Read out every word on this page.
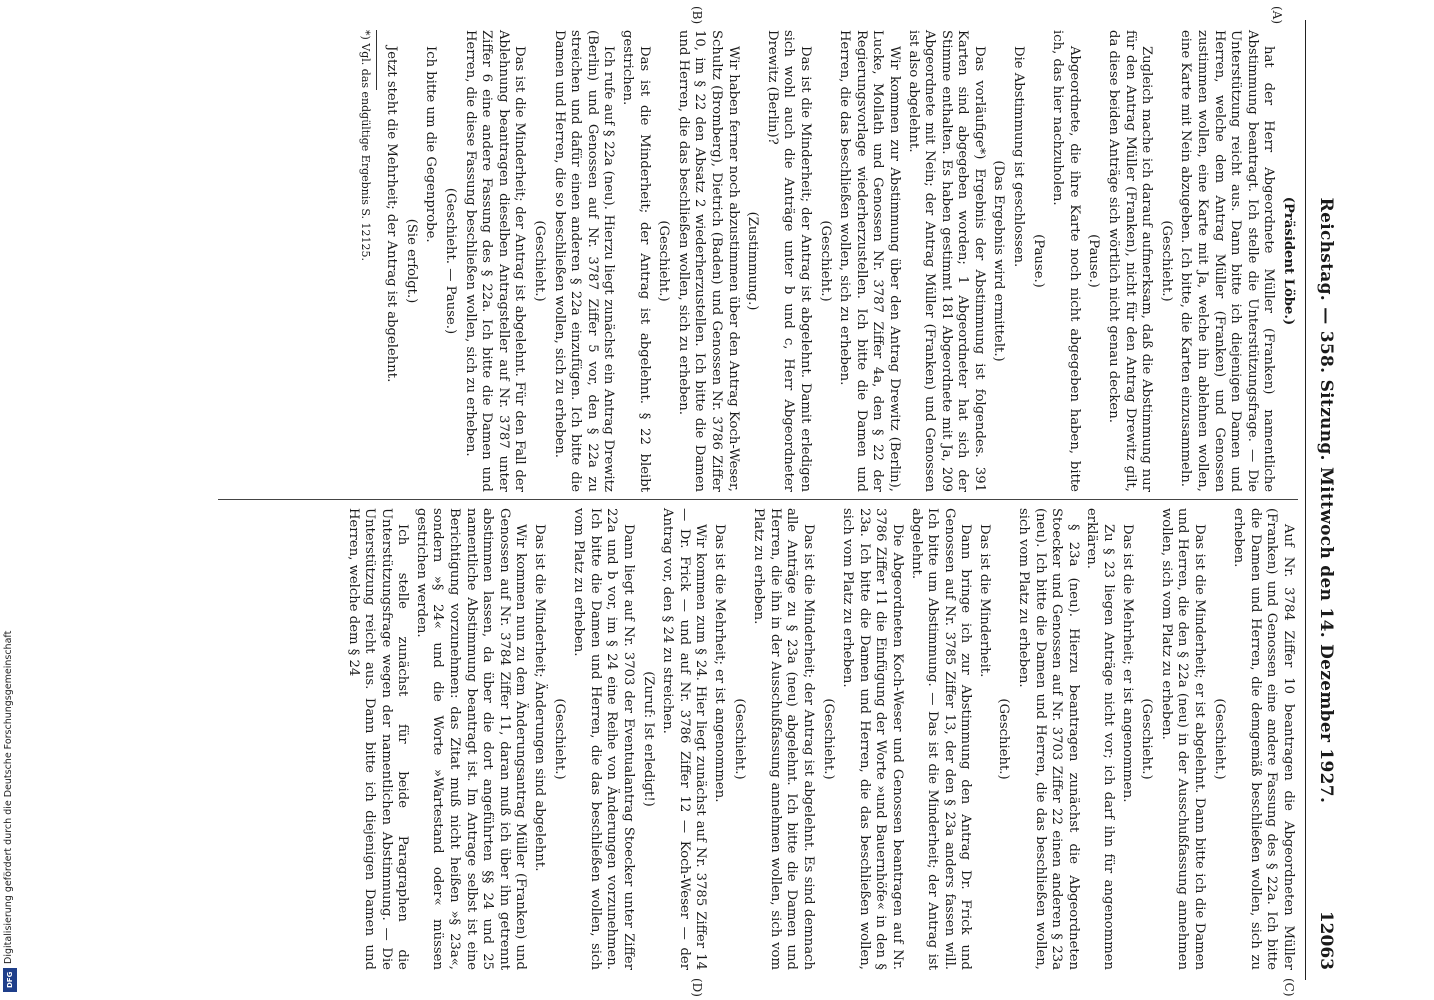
Digitalisierung gefördert durch die Deutsche Forschungsgemeinschaft
DFG
Reichstag. — 358. Sitzung. Mittwoch den 14. Dezember 1927.
12063
(A)
(B)
(C)
(D)

(Präsident Löbe.)

hat der Herr Abgeordnete Müller (Franken) namentliche Abstimmung beantragt. Ich stelle die Unterstützungsfrage. — Die Unterstützung reicht aus. Dann bitte ich diejenigen Damen und Herren, welche dem Antrag Müller (Franken) und Genossen zustimmen wollen, eine Karte mit Ja, welche ihn ablehnen wollen, eine Karte mit Nein abzugeben. Ich bitte, die Karten einzusammeln.

(Geschieht.)

Zugleich mache ich darauf aufmerksam, daß die Abstimmung nur für den Antrag Müller (Franken), nicht für den Antrag Drewitz gilt, da diese beiden Anträge sich wörtlich nicht genau decken.

(Pause.)

Abgeordnete, die ihre Karte noch nicht abgegeben haben, bitte ich, das hier nachzuholen.

(Pause.)

Die Abstimmung ist geschlossen.

(Das Ergebnis wird ermittelt.)

Das vorläufige*) Ergebnis der Abstimmung ist folgendes. 391 Karten sind abgegeben worden; 1 Abgeordneter hat sich der Stimme enthalten. Es haben gestimmt 181 Abgeordnete mit Ja, 209 Abgeordnete mit Nein; der Antrag Müller (Franken) und Genossen ist also abgelehnt.

Wir kommen zur Abstimmung über den Antrag Drewitz (Berlin), Lucke, Mollath und Genossen Nr. 3787 Ziffer 4a, den § 22 der Regierungsvorlage wiederherzustellen. Ich bitte die Damen und Herren, die das beschließen wollen, sich zu erheben.

(Geschieht.)

Das ist die Minderheit; der Antrag ist abgelehnt. Damit erledigen sich wohl auch die Anträge unter b und c, Herr Abgeordneter Drewitz (Berlin)?

(Zustimmung.)

Wir haben ferner noch abzustimmen über den Antrag Koch-Weser, Schultz (Bromberg), Dietrich (Baden) und Genossen Nr. 3786 Ziffer 10, im § 22 den Absatz 2 wiederherzustellen. Ich bitte die Damen und Herren, die das beschließen wollen, sich zu erheben.

(Geschieht.)

Das ist die Minderheit; der Antrag ist abgelehnt. § 22 bleibt gestrichen.

Ich rufe auf § 22a (neu). Hierzu liegt zunächst ein Antrag Drewitz (Berlin) und Genossen auf Nr. 3787 Ziffer 5 vor, den § 22a zu streichen und dafür einen anderen § 22a einzufügen. Ich bitte die Damen und Herren, die so beschließen wollen, sich zu erheben.

(Geschieht.)

Das ist die Minderheit; der Antrag ist abgelehnt. Für den Fall der Ablehnung beantragen dieselben Antragsteller auf Nr. 3787 unter Ziffer 6 eine andere Fassung des § 22a. Ich bitte die Damen und Herren, die diese Fassung beschließen wollen, sich zu erheben.

(Geschieht. — Pause.)

Ich bitte um die Gegenprobe.

(Sie erfolgt.)

Jetzt steht die Mehrheit; der Antrag ist abgelehnt.

*) Vgl. das endgültige Ergebnis S. 12125.

Auf Nr. 3784 Ziffer 10 beantragen die Abgeordneten Müller (Franken) und Genossen eine andere Fassung des § 22a. Ich bitte die Damen und Herren, die demgemäß beschließen wollen, sich zu erheben.

(Geschieht.)

Das ist die Minderheit; er ist abgelehnt. Dann bitte ich die Damen und Herren, die den § 22a (neu) in der Ausschußfassung annehmen wollen, sich vom Platz zu erheben.

(Geschieht.)

Das ist die Mehrheit; er ist angenommen.

Zu § 23 liegen Anträge nicht vor; ich darf ihn für angenommen erklären.

§ 23a (neu). Hierzu beantragen zunächst die Abgeordneten Stoecker und Genossen auf Nr. 3703 Ziffer 22 einen anderen § 23a (neu). Ich bitte die Damen und Herren, die das beschließen wollen, sich vom Platz zu erheben.

(Geschieht.)

Das ist die Minderheit.

Dann bringe ich zur Abstimmung den Antrag Dr. Frick und Genossen auf Nr. 3785 Ziffer 13, der den § 23a anders fassen will. Ich bitte um Abstimmung. — Das ist die Minderheit; der Antrag ist abgelehnt.

Die Abgeordneten Koch-Weser und Genossen beantragen auf Nr. 3786 Ziffer 11 die Einfügung der Worte »und Bauernhöfe« in den § 23a. Ich bitte die Damen und Herren, die das beschließen wollen, sich vom Platz zu erheben.

(Geschieht.)

Das ist die Minderheit; der Antrag ist abgelehnt. Es sind demnach alle Anträge zu § 23a (neu) abgelehnt. Ich bitte die Damen und Herren, die ihn in der Ausschußfassung annehmen wollen, sich vom Platz zu erheben.

(Geschieht.)

Das ist die Mehrheit; er ist angenommen.

Wir kommen zum § 24. Hier liegt zunächst auf Nr. 3785 Ziffer 14 — Dr. Frick — und auf Nr. 3786 Ziffer 12 — Koch-Weser — der Antrag vor, den § 24 zu streichen.

(Zuruf: Ist erledigt!)

Dann liegt auf Nr. 3703 der Eventualantrag Stoecker unter Ziffer 22a und b vor, im § 24 eine Reihe von Änderungen vorzunehmen. Ich bitte die Damen und Herren, die das beschließen wollen, sich vom Platz zu erheben.

(Geschieht.)

Das ist die Minderheit; Änderungen sind abgelehnt.

Wir kommen nun zu dem Änderungsantrag Müller (Franken) und Genossen auf Nr. 3784 Ziffer 11, daran muß ich über ihn getrennt abstimmen lassen, da über die dort angeführten §§ 24 und 25 namentliche Abstimmung beantragt ist. Im Antrage selbst ist eine Berichtigung vorzunehmen: das Zitat muß nicht heißen »§ 23a«, sondern »§ 24« und die Worte »Wartestand oder« müssen gestrichen werden.

Ich stelle zunächst für beide Paragraphen die Unterstützungsfrage wegen der namentlichen Abstimmung. — Die Unterstützung reicht aus. Dann bitte ich diejenigen Damen und Herren, welche dem § 24
